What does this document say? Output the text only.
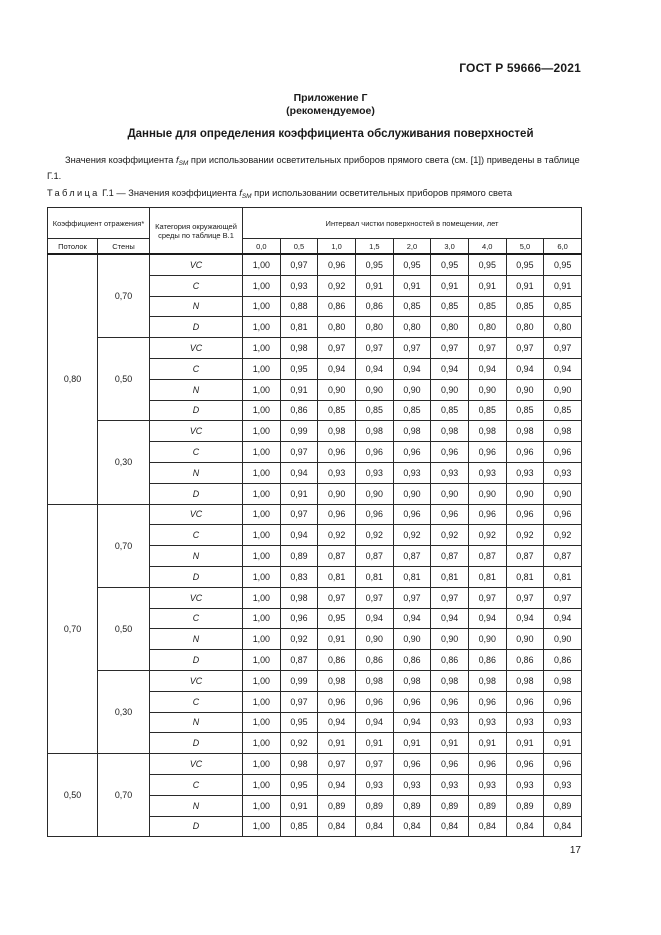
ГОСТ Р 59666—2021
Приложение Г
(рекомендуемое)
Данные для определения коэффициента обслуживания поверхностей
Значения коэффициента $f_{SM}$ при использовании осветительных приборов прямого света (см. [1]) приведены в таблице Г.1.
Таблица Г.1 — Значения коэффициента $f_{SM}$ при использовании осветительных приборов прямого света
Коэффициент отражения*		Категория окружающей среды по таблице В.1	Интервал чистки поверхностей в помещении, лет								
Потолок	Стены		0,0	0,5	1,0	1,5	2,0	3,0	4,0	5,0	6,0
0,80	0,70	VC	1,00	0,97	0,96	0,95	0,95	0,95	0,95	0,95	0,95
		C	1,00	0,93	0,92	0,91	0,91	0,91	0,91	0,91	0,91
		N	1,00	0,88	0,86	0,86	0,85	0,85	0,85	0,85	0,85
		D	1,00	0,81	0,80	0,80	0,80	0,80	0,80	0,80	0,80
	0,50	VC	1,00	0,98	0,97	0,97	0,97	0,97	0,97	0,97	0,97
		C	1,00	0,95	0,94	0,94	0,94	0,94	0,94	0,94	0,94
		N	1,00	0,91	0,90	0,90	0,90	0,90	0,90	0,90	0,90
		D	1,00	0,86	0,85	0,85	0,85	0,85	0,85	0,85	0,85
	0,30	VC	1,00	0,99	0,98	0,98	0,98	0,98	0,98	0,98	0,98
		C	1,00	0,97	0,96	0,96	0,96	0,96	0,96	0,96	0,96
		N	1,00	0,94	0,93	0,93	0,93	0,93	0,93	0,93	0,93
		D	1,00	0,91	0,90	0,90	0,90	0,90	0,90	0,90	0,90
0,70	0,70	VC	1,00	0,97	0,96	0,96	0,96	0,96	0,96	0,96	0,96
		C	1,00	0,94	0,92	0,92	0,92	0,92	0,92	0,92	0,92
		N	1,00	0,89	0,87	0,87	0,87	0,87	0,87	0,87	0,87
		D	1,00	0,83	0,81	0,81	0,81	0,81	0,81	0,81	0,81
	0,50	VC	1,00	0,98	0,97	0,97	0,97	0,97	0,97	0,97	0,97
		C	1,00	0,96	0,95	0,94	0,94	0,94	0,94	0,94	0,94
		N	1,00	0,92	0,91	0,90	0,90	0,90	0,90	0,90	0,90
		D	1,00	0,87	0,86	0,86	0,86	0,86	0,86	0,86	0,86
	0,30	VC	1,00	0,99	0,98	0,98	0,98	0,98	0,98	0,98	0,98
		C	1,00	0,97	0,96	0,96	0,96	0,96	0,96	0,96	0,96
		N	1,00	0,95	0,94	0,94	0,94	0,93	0,93	0,93	0,93
		D	1,00	0,92	0,91	0,91	0,91	0,91	0,91	0,91	0,91
0,50	0,70	VC	1,00	0,98	0,97	0,97	0,96	0,96	0,96	0,96	0,96
		C	1,00	0,95	0,94	0,93	0,93	0,93	0,93	0,93	0,93
		N	1,00	0,91	0,89	0,89	0,89	0,89	0,89	0,89	0,89
		D	1,00	0,85	0,84	0,84	0,84	0,84	0,84	0,84	0,84
17
